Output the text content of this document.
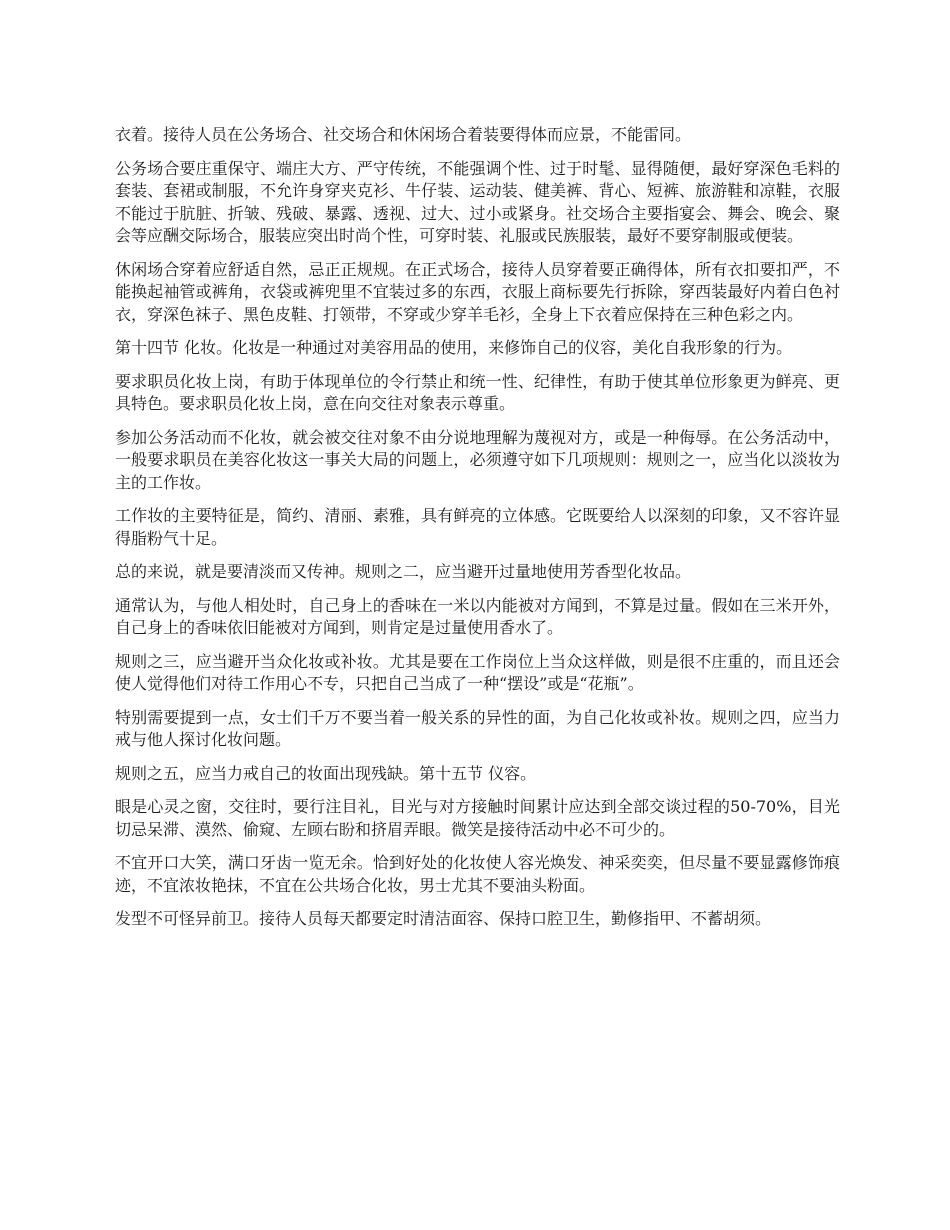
衣着。接待人员在公务场合、社交场合和休闲场合着装要得体而应景，不能雷同。

公务场合要庄重保守、端庄大方、严守传统，不能强调个性、过于时髦、显得随便，最好穿深色毛料的套装、套裙或制服，不允许身穿夹克衫、牛仔装、运动装、健美裤、背心、短裤、旅游鞋和凉鞋，衣服不能过于肮脏、折皱、残破、暴露、透视、过大、过小或紧身。社交场合主要指宴会、舞会、晚会、聚会等应酬交际场合，服装应突出时尚个性，可穿时装、礼服或民族服装，最好不要穿制服或便装。

休闲场合穿着应舒适自然，忌正正规规。在正式场合，接待人员穿着要正确得体，所有衣扣要扣严，不能换起袖管或裤角，衣袋或裤兜里不宜装过多的东西，衣服上商标要先行拆除，穿西装最好内着白色衬衣，穿深色袜子、黑色皮鞋、打领带，不穿或少穿羊毛衫，全身上下衣着应保持在三种色彩之内。

第十四节 化妆。化妆是一种通过对美容用品的使用，来修饰自己的仪容，美化自我形象的行为。

要求职员化妆上岗，有助于体现单位的令行禁止和统一性、纪律性，有助于使其单位形象更为鲜亮、更具特色。要求职员化妆上岗，意在向交往对象表示尊重。

参加公务活动而不化妆，就会被交往对象不由分说地理解为蔑视对方，或是一种侮辱。在公务活动中，一般要求职员在美容化妆这一事关大局的问题上，必须遵守如下几项规则：规则之一，应当化以淡妆为主的工作妆。

工作妆的主要特征是，简约、清丽、素雅，具有鲜亮的立体感。它既要给人以深刻的印象，又不容许显得脂粉气十足。

总的来说，就是要清淡而又传神。规则之二，应当避开过量地使用芳香型化妆品。

通常认为，与他人相处时，自己身上的香味在一米以内能被对方闻到，不算是过量。假如在三米开外，自己身上的香味依旧能被对方闻到，则肯定是过量使用香水了。

规则之三，应当避开当众化妆或补妆。尤其是要在工作岗位上当众这样做，则是很不庄重的，而且还会使人觉得他们对待工作用心不专，只把自己当成了一种“摆设”或是“花瓶”。

特别需要提到一点，女士们千万不要当着一般关系的异性的面，为自己化妆或补妆。规则之四，应当力戒与他人探讨化妆问题。

规则之五，应当力戒自己的妆面出现残缺。第十五节 仪容。

眼是心灵之窗，交往时，要行注目礼，目光与对方接触时间累计应达到全部交谈过程的50-70%，目光切忌呆滞、漠然、偷窥、左顾右盼和挤眉弄眼。微笑是接待活动中必不可少的。

不宜开口大笑，满口牙齿一览无余。恰到好处的化妆使人容光焕发、神采奕奕，但尽量不要显露修饰痕迹，不宜浓妆艳抹，不宜在公共场合化妆，男士尤其不要油头粉面。

发型不可怪异前卫。接待人员每天都要定时清洁面容、保持口腔卫生，勤修指甲、不蓄胡须。
